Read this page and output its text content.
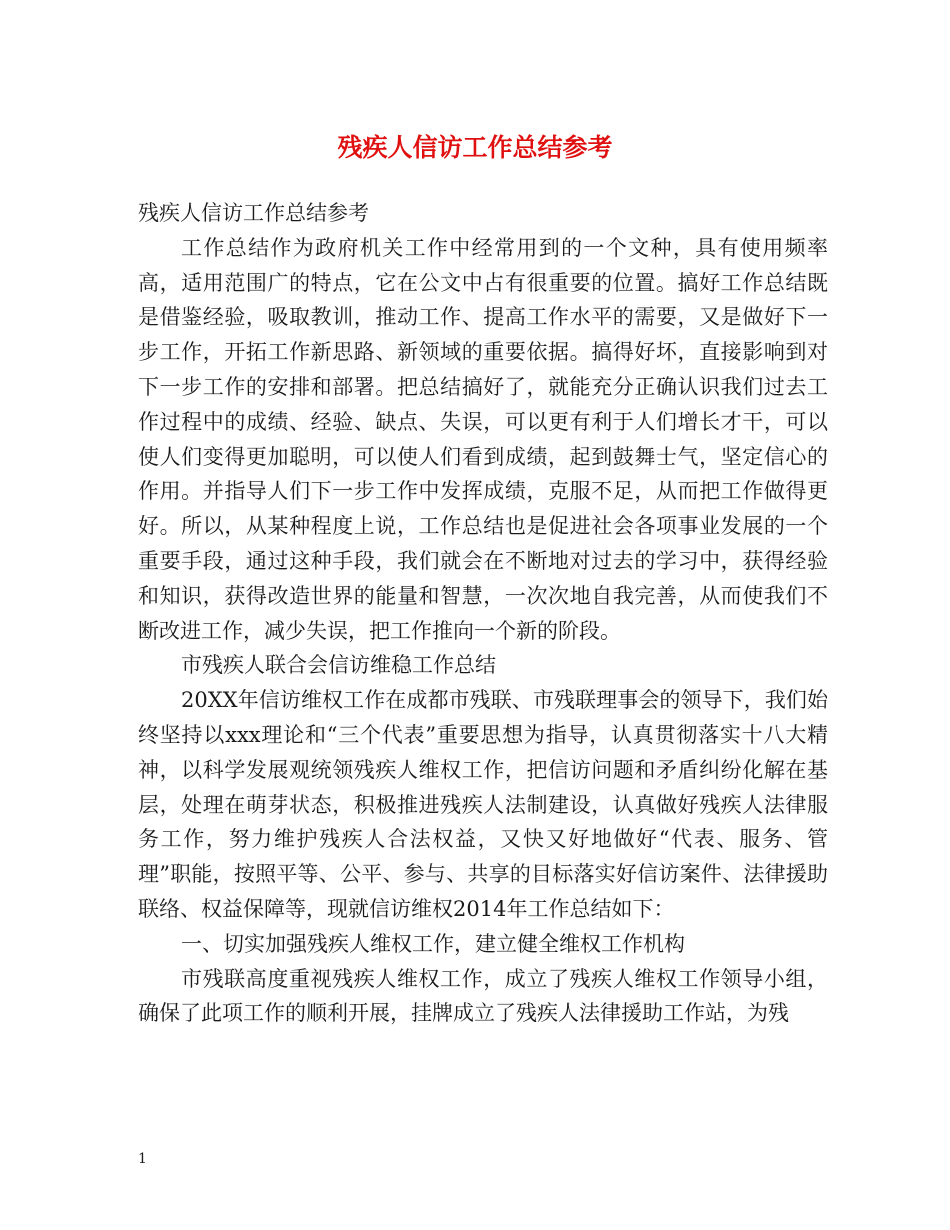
残疾人信访工作总结参考

残疾人信访工作总结参考

工作总结作为政府机关工作中经常用到的一个文种，具有使用频率高，适用范围广的特点，它在公文中占有很重要的位置。搞好工作总结既是借鉴经验，吸取教训，推动工作、提高工作水平的需要，又是做好下一步工作，开拓工作新思路、新领域的重要依据。搞得好坏，直接影响到对下一步工作的安排和部署。把总结搞好了，就能充分正确认识我们过去工作过程中的成绩、经验、缺点、失误，可以更有利于人们增长才干，可以使人们变得更加聪明，可以使人们看到成绩，起到鼓舞士气，坚定信心的作用。并指导人们下一步工作中发挥成绩，克服不足，从而把工作做得更好。所以，从某种程度上说，工作总结也是促进社会各项事业发展的一个重要手段，通过这种手段，我们就会在不断地对过去的学习中，获得经验和知识，获得改造世界的能量和智慧，一次次地自我完善，从而使我们不断改进工作，减少失误，把工作推向一个新的阶段。

市残疾人联合会信访维稳工作总结

20XX年信访维权工作在成都市残联、市残联理事会的领导下，我们始终坚持以xxx理论和“三个代表”重要思想为指导，认真贯彻落实十八大精神，以科学发展观统领残疾人维权工作，把信访问题和矛盾纠纷化解在基层，处理在萌芽状态，积极推进残疾人法制建设，认真做好残疾人法律服务工作，努力维护残疾人合法权益，又快又好地做好“代表、服务、管理”职能，按照平等、公平、参与、共享的目标落实好信访案件、法律援助联络、权益保障等，现就信访维权2014年工作总结如下：

一、切实加强残疾人维权工作，建立健全维权工作机构

市残联高度重视残疾人维权工作，成立了残疾人维权工作领导小组，确保了此项工作的顺利开展，挂牌成立了残疾人法律援助工作站，为残

1
